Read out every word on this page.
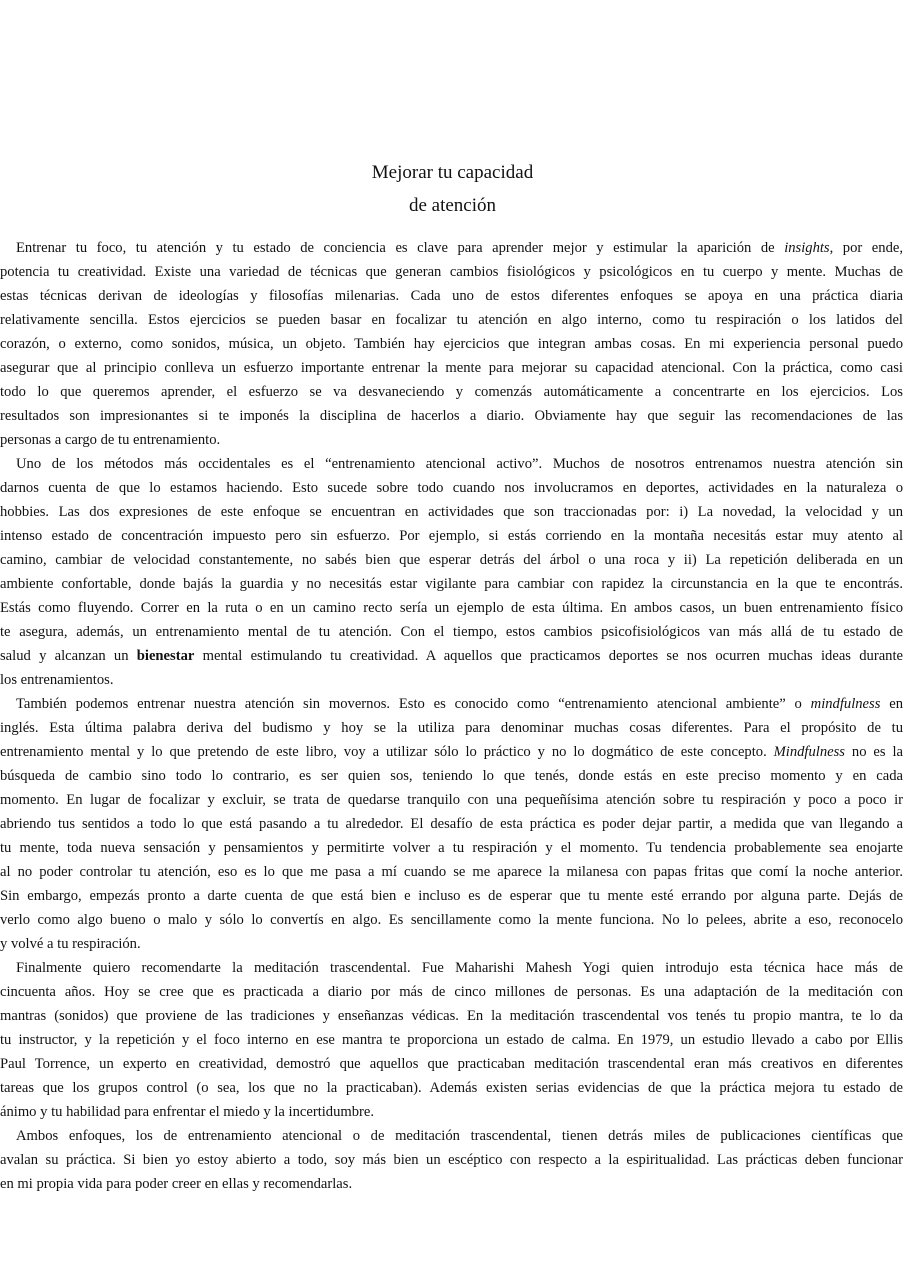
Mejorar tu capacidad
de atención
Entrenar tu foco, tu atención y tu estado de conciencia es clave para aprender mejor y estimular la aparición de insights, por ende,
potencia tu creatividad. Existe una variedad de técnicas que generan cambios fisiológicos y psicológicos en tu cuerpo y mente. Muchas de
estas técnicas derivan de ideologías y filosofías milenarias. Cada uno de estos diferentes enfoques se apoya en una práctica diaria
relativamente sencilla. Estos ejercicios se pueden basar en focalizar tu atención en algo interno, como tu respiración o los latidos del
corazón, o externo, como sonidos, música, un objeto. También hay ejercicios que integran ambas cosas. En mi experiencia personal puedo
asegurar que al principio conlleva un esfuerzo importante entrenar la mente para mejorar su capacidad atencional. Con la práctica, como casi
todo lo que queremos aprender, el esfuerzo se va desvaneciendo y comenzás automáticamente a concentrarte en los ejercicios. Los
resultados son impresionantes si te imponés la disciplina de hacerlos a diario. Obviamente hay que seguir las recomendaciones de las
personas a cargo de tu entrenamiento.
Uno de los métodos más occidentales es el “entrenamiento atencional activo”. Muchos de nosotros entrenamos nuestra atención sin
darnos cuenta de que lo estamos haciendo. Esto sucede sobre todo cuando nos involucramos en deportes, actividades en la naturaleza o
hobbies. Las dos expresiones de este enfoque se encuentran en actividades que son traccionadas por: i) La novedad, la velocidad y un
intenso estado de concentración impuesto pero sin esfuerzo. Por ejemplo, si estás corriendo en la montaña necesitás estar muy atento al
camino, cambiar de velocidad constantemente, no sabés bien que esperar detrás del árbol o una roca y ii) La repetición deliberada en un
ambiente confortable, donde bajás la guardia y no necesitás estar vigilante para cambiar con rapidez la circunstancia en la que te encontrás.
Estás como fluyendo. Correr en la ruta o en un camino recto sería un ejemplo de esta última. En ambos casos, un buen entrenamiento físico
te asegura, además, un entrenamiento mental de tu atención. Con el tiempo, estos cambios psicofisiológicos van más allá de tu estado de
salud y alcanzan un bienestar mental estimulando tu creatividad. A aquellos que practicamos deportes se nos ocurren muchas ideas durante
los entrenamientos.
También podemos entrenar nuestra atención sin movernos. Esto es conocido como “entrenamiento atencional ambiente” o mindfulness en
inglés. Esta última palabra deriva del budismo y hoy se la utiliza para denominar muchas cosas diferentes. Para el propósito de tu
entrenamiento mental y lo que pretendo de este libro, voy a utilizar sólo lo práctico y no lo dogmático de este concepto. Mindfulness no es la
búsqueda de cambio sino todo lo contrario, es ser quien sos, teniendo lo que tenés, donde estás en este preciso momento y en cada
momento. En lugar de focalizar y excluir, se trata de quedarse tranquilo con una pequeñísima atención sobre tu respiración y poco a poco ir
abriendo tus sentidos a todo lo que está pasando a tu alrededor. El desafío de esta práctica es poder dejar partir, a medida que van llegando a
tu mente, toda nueva sensación y pensamientos y permitirte volver a tu respiración y el momento. Tu tendencia probablemente sea enojarte
al no poder controlar tu atención, eso es lo que me pasa a mí cuando se me aparece la milanesa con papas fritas que comí la noche anterior.
Sin embargo, empezás pronto a darte cuenta de que está bien e incluso es de esperar que tu mente esté errando por alguna parte. Dejás de
verlo como algo bueno o malo y sólo lo convertís en algo. Es sencillamente como la mente funciona. No lo pelees, abrite a eso, reconocelo
y volvé a tu respiración.
Finalmente quiero recomendarte la meditación trascendental. Fue Maharishi Mahesh Yogi quien introdujo esta técnica hace más de
cincuenta años. Hoy se cree que es practicada a diario por más de cinco millones de personas. Es una adaptación de la meditación con
mantras (sonidos) que proviene de las tradiciones y enseñanzas védicas. En la meditación trascendental vos tenés tu propio mantra, te lo da
tu instructor, y la repetición y el foco interno en ese mantra te proporciona un estado de calma. En 1979, un estudio llevado a cabo por Ellis
Paul Torrence, un experto en creatividad, demostró que aquellos que practicaban meditación trascendental eran más creativos en diferentes
tareas que los grupos control (o sea, los que no la practicaban). Además existen serias evidencias de que la práctica mejora tu estado de
ánimo y tu habilidad para enfrentar el miedo y la incertidumbre.
Ambos enfoques, los de entrenamiento atencional o de meditación trascendental, tienen detrás miles de publicaciones científicas que
avalan su práctica. Si bien yo estoy abierto a todo, soy más bien un escéptico con respecto a la espiritualidad. Las prácticas deben funcionar
en mi propia vida para poder creer en ellas y recomendarlas.
